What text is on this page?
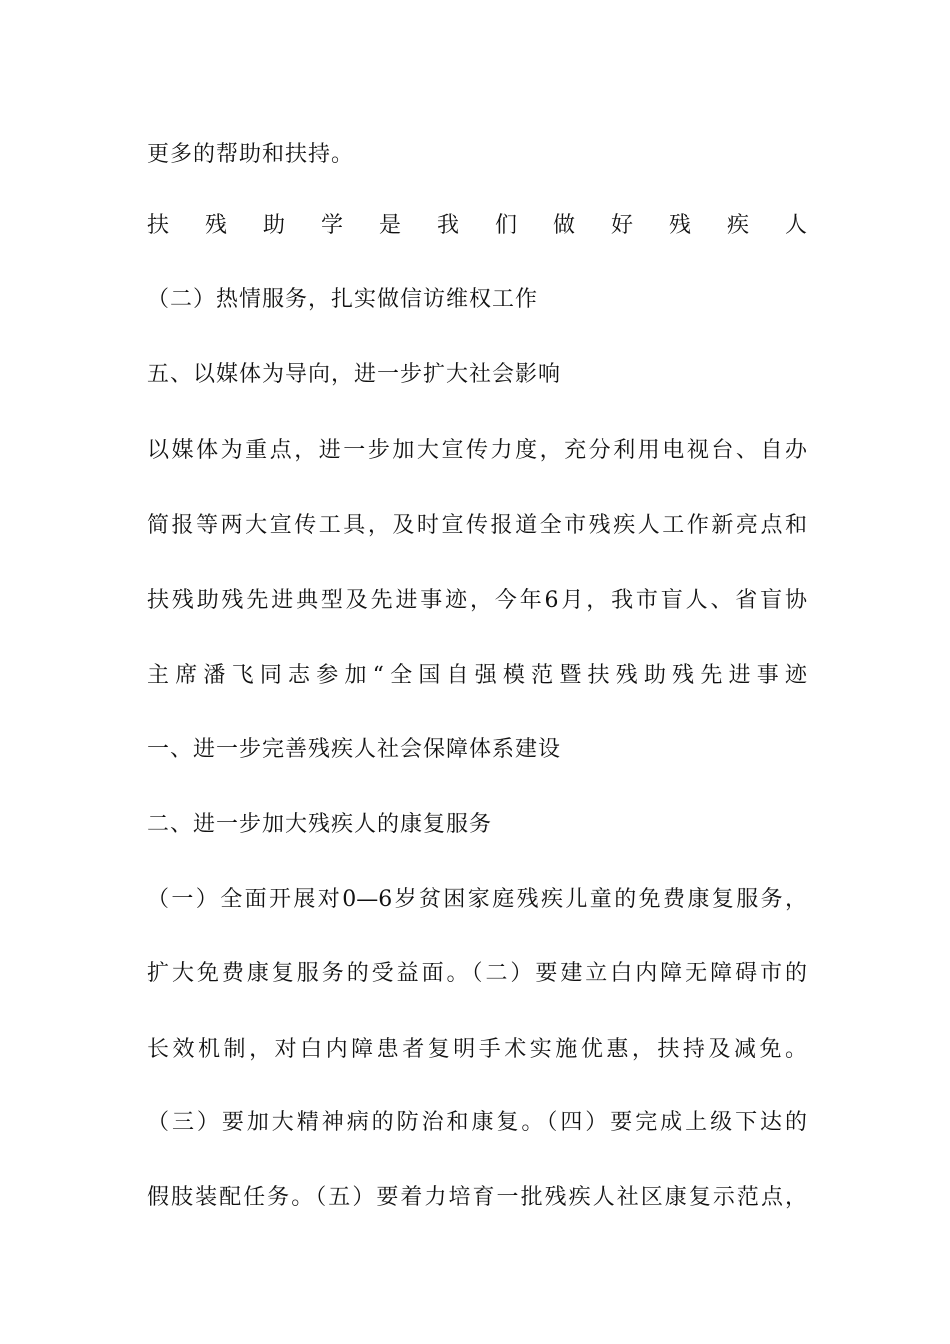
更多的帮助和扶持。
扶残助学是我们做好残疾人
（二）热情服务，扎实做信访维权工作
五、以媒体为导向，进一步扩大社会影响
以媒体为重点，进一步加大宣传力度，充分利用电视台、自办
简报等两大宣传工具，及时宣传报道全市残疾人工作新亮点和
扶残助残先进典型及先进事迹，今年6月，我市盲人、省盲协
主席潘飞同志参加“全国自强模范暨扶残助残先进事迹
一、进一步完善残疾人社会保障体系建设
二、进一步加大残疾人的康复服务
（一）全面开展对0—6岁贫困家庭残疾儿童的免费康复服务，
扩大免费康复服务的受益面。（二）要建立白内障无障碍市的
长效机制，对白内障患者复明手术实施优惠，扶持及减免。
（三）要加大精神病的防治和康复。（四）要完成上级下达的
假肢装配任务。（五）要着力培育一批残疾人社区康复示范点，
